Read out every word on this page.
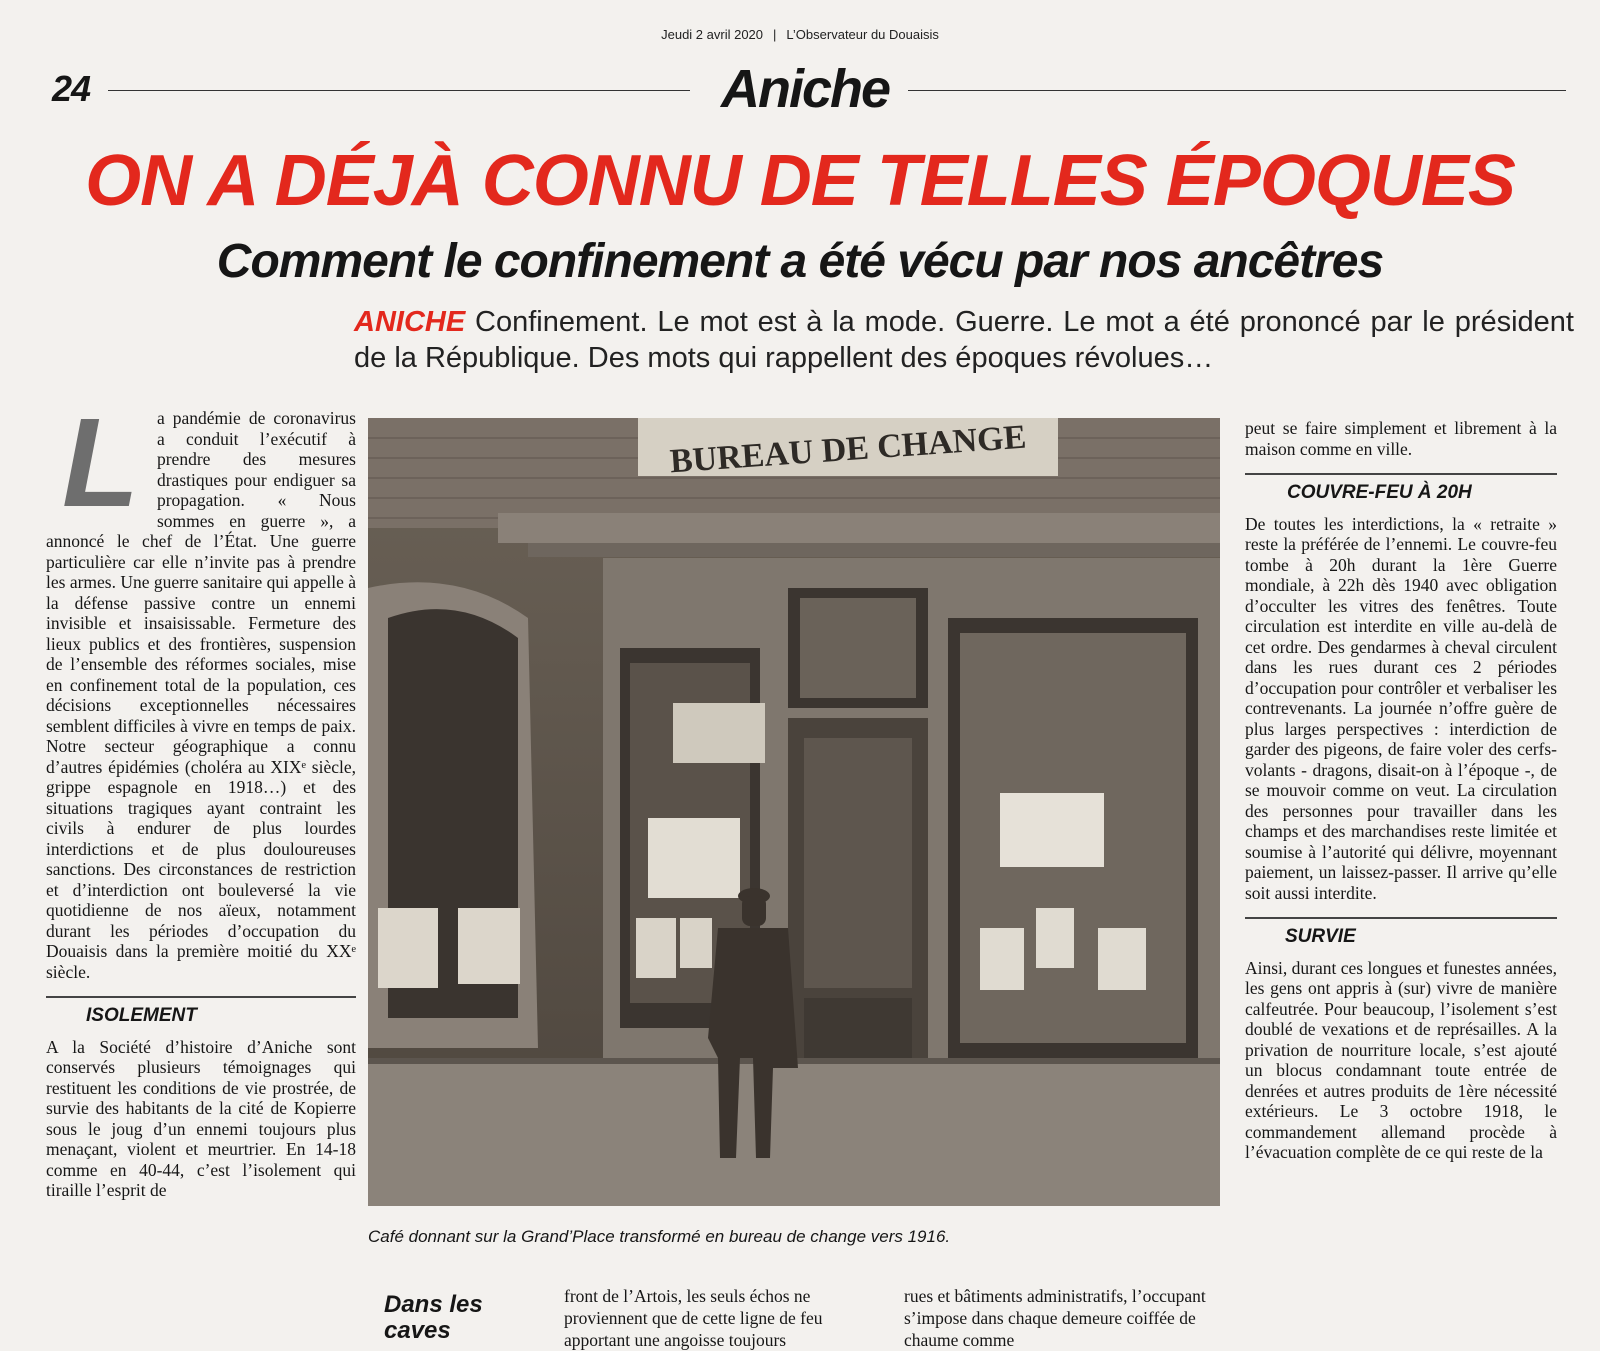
Jeudi 2 avril 2020 | L’Observateur du Douaisis
24	Aniche
ON A DÉJÀ CONNU DE TELLES ÉPOQUES
Comment le confinement a été vécu par nos ancêtres
ANICHE Confinement. Le mot est à la mode. Guerre. Le mot a été prononcé par le président de la République. Des mots qui rappellent des époques révolues…
L	a pandémie de coronavirus a conduit l’exécutif à prendre des mesures drastiques pour endiguer sa propagation. « Nous sommes en guerre », a annoncé le chef de l’État. Une guerre particulière car elle n’invite pas à prendre les armes. Une guerre sanitaire qui appelle à la défense passive contre un ennemi invisible et insaisissable. Fermeture des lieux publics et des frontières, suspension de l’ensemble des réformes sociales, mise en confinement total de la population, ces décisions exceptionnelles nécessaires semblent difficiles à vivre en temps de paix. Notre secteur géographique a connu d’autres épidémies (choléra au XIXᵉ siècle, grippe espagnole en 1918…) et des situations tragiques ayant contraint les civils à endurer de plus lourdes interdictions et de plus douloureuses sanctions. Des circonstances de restriction et d’interdiction ont bouleversé la vie quotidienne de nos aïeux, notamment durant les périodes d’occupation du Douaisis dans la première moitié du XXᵉ siècle.
ISOLEMENT
A la Société d’histoire d’Aniche sont conservés plusieurs témoignages qui restituent les conditions de vie prostrée, de survie des habitants de la cité de Kopierre sous le joug d’un ennemi toujours plus menaçant, violent et meurtrier. En 14-18 comme en 40-44, c’est l’isolement qui tiraille l’esprit de
BUREAU DE CHANGE
Café donnant sur la Grand’Place transformé en bureau de change vers 1916.
peut se faire simplement et librement à la maison comme en ville.
COUVRE-FEU À 20H
De toutes les interdictions, la « retraite » reste la préférée de l’ennemi. Le couvre-feu tombe à 20h durant la 1ère Guerre mondiale, à 22h dès 1940 avec obligation d’occulter les vitres des fenêtres. Toute circulation est interdite en ville au-delà de cet ordre. Des gendarmes à cheval circulent dans les rues durant ces 2 périodes d’occupation pour contrôler et verbaliser les contrevenants. La journée n’offre guère de plus larges perspectives : interdiction de garder des pigeons, de faire voler des cerfs-volants - dragons, disait-on à l’époque -, de se mouvoir comme on veut. La circulation des personnes pour travailler dans les champs et des marchandises reste limitée et soumise à l’autorité qui délivre, moyennant paiement, un laissez-passer. Il arrive qu’elle soit aussi interdite.
SURVIE
Ainsi, durant ces longues et funestes années, les gens ont appris à (sur) vivre de manière calfeutrée. Pour beaucoup, l’isolement s’est doublé de vexations et de représailles. A la privation de nourriture locale, s’est ajouté un blocus condamnant toute entrée de denrées et autres produits de 1ère nécessité extérieurs. Le 3 octobre 1918, le commandement allemand procède à l’évacuation complète de ce qui reste de la
Dans les
caves
front de l’Artois, les seuls échos ne proviennent que de cette ligne de feu apportant une angoisse toujours
rues et bâtiments administratifs, l’occupant s’impose dans chaque demeure coiffée de chaume comme
